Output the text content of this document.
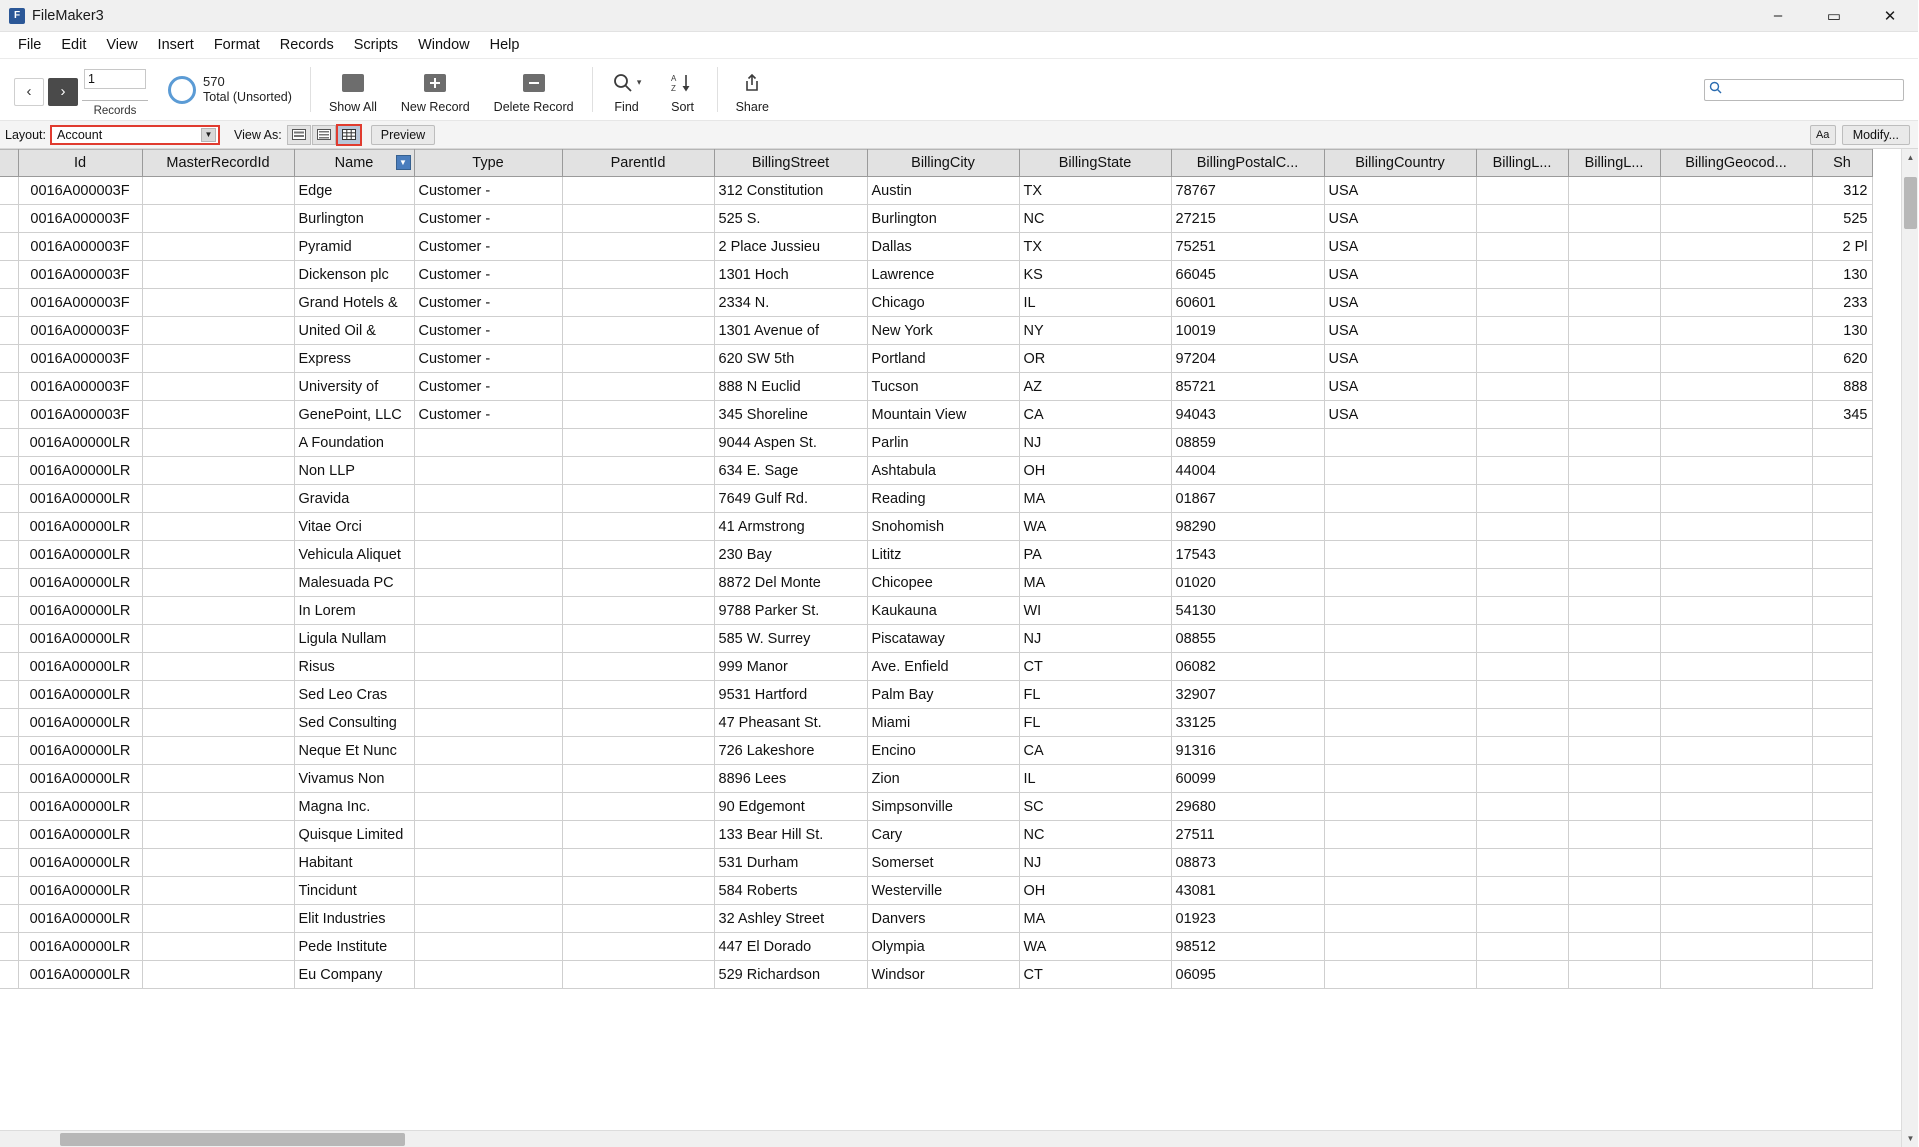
F FileMaker3	–	▭	✕
File	Edit	View	Insert	Format	Records	Scripts	Window	Help
‹	›
1
Records
570
Total (Unsorted)
Show All New Record Delete Record
▾
Find
A
Z
Sort	Share
Layout: Account	▼ View As:	Preview	Aa	Modify...
	Id	MasterRecordId	Name ▼	Type	ParentId	BillingStreet	BillingCity	BillingState	BillingPostalC...	BillingCountry	BillingL...	BillingL...	BillingGeocod...	Sh
	0016A000003F		Edge	Customer -		312 Constitution	Austin	TX	78767	USA				312
	0016A000003F		Burlington	Customer -		525 S.	Burlington	NC	27215	USA				525
	0016A000003F		Pyramid	Customer -		2 Place Jussieu	Dallas	TX	75251	USA				2 Pl
	0016A000003F		Dickenson plc	Customer -		1301 Hoch	Lawrence	KS	66045	USA				130
	0016A000003F		Grand Hotels &	Customer -		2334 N.	Chicago	IL	60601	USA				233
	0016A000003F		United Oil &	Customer -		1301 Avenue of	New York	NY	10019	USA				130
	0016A000003F		Express	Customer -		620 SW 5th	Portland	OR	97204	USA				620
	0016A000003F		University of	Customer -		888 N Euclid	Tucson	AZ	85721	USA				888
	0016A000003F		GenePoint, LLC	Customer -		345 Shoreline	Mountain View	CA	94043	USA				345
	0016A00000LR		A Foundation			9044 Aspen St.	Parlin	NJ	08859					
	0016A00000LR		Non LLP			634 E. Sage	Ashtabula	OH	44004					
	0016A00000LR		Gravida			7649 Gulf Rd.	Reading	MA	01867					
	0016A00000LR		Vitae Orci			41 Armstrong	Snohomish	WA	98290					
	0016A00000LR		Vehicula Aliquet			230 Bay	Lititz	PA	17543					
	0016A00000LR		Malesuada PC			8872 Del Monte	Chicopee	MA	01020					
	0016A00000LR		In Lorem			9788 Parker St.	Kaukauna	WI	54130					
	0016A00000LR		Ligula Nullam			585 W. Surrey	Piscataway	NJ	08855					
	0016A00000LR		Risus			999 Manor	Ave. Enfield	CT	06082					
	0016A00000LR		Sed Leo Cras			9531 Hartford	Palm Bay	FL	32907					
	0016A00000LR		Sed Consulting			47 Pheasant St.	Miami	FL	33125					
	0016A00000LR		Neque Et Nunc			726 Lakeshore	Encino	CA	91316					
	0016A00000LR		Vivamus Non			8896 Lees	Zion	IL	60099					
	0016A00000LR		Magna Inc.			90 Edgemont	Simpsonville	SC	29680					
	0016A00000LR		Quisque Limited			133 Bear Hill St.	Cary	NC	27511					
	0016A00000LR		Habitant			531 Durham	Somerset	NJ	08873					
	0016A00000LR		Tincidunt			584 Roberts	Westerville	OH	43081					
	0016A00000LR		Elit Industries			32 Ashley Street	Danvers	MA	01923					
	0016A00000LR		Pede Institute			447 El Dorado	Olympia	WA	98512					
	0016A00000LR		Eu Company			529 Richardson	Windsor	CT	06095					
▲
▼
